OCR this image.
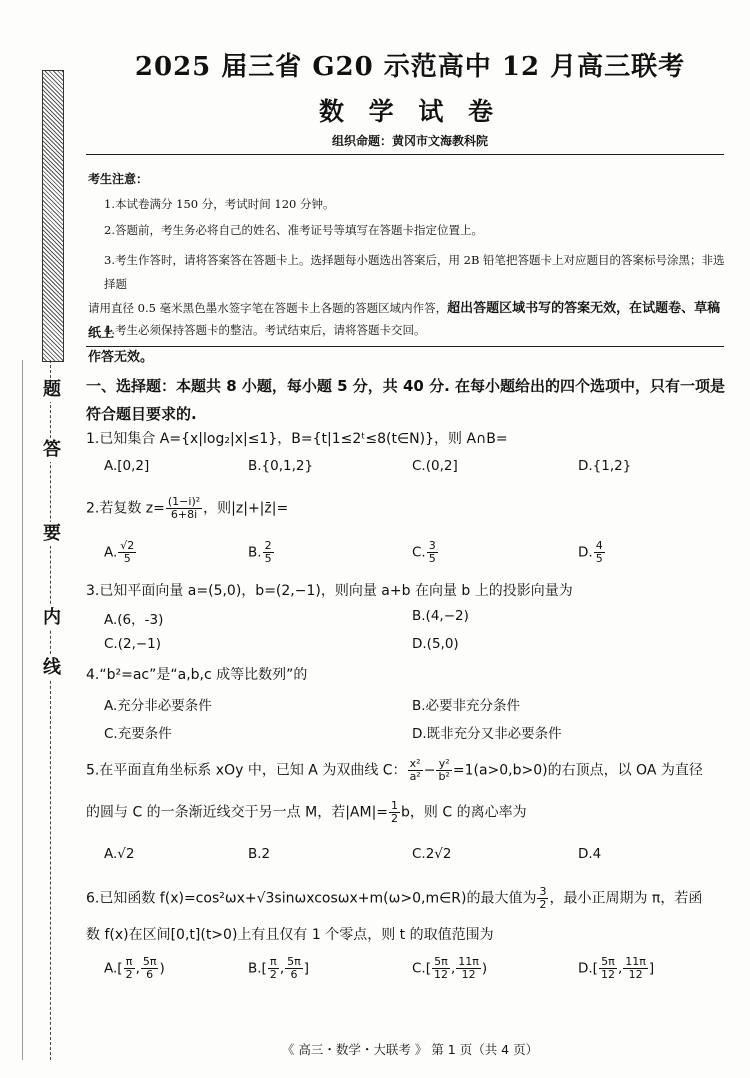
题
答
要
内
线
2025 届三省 G20 示范高中 12 月高三联考
数 学 试 卷
组织命题：黄冈市文海教科院
考生注意：
1.本试卷满分 150 分，考试时间 120 分钟。
2.答题前，考生务必将自己的姓名、准考证号等填写在答题卡指定位置上。
3.考生作答时，请将答案答在答题卡上。选择题每小题选出答案后，用 2B 铅笔把答题卡上对应题目的答案标号涂黑；非选择题
请用直径 0.5 毫米黑色墨水签字笔在答题卡上各题的答题区域内作答，超出答题区域书写的答案无效，在试题卷、草稿纸上
作答无效。
4.考生必须保持答题卡的整洁。考试结束后，请将答题卡交回。
一、选择题：本题共 8 小题，每小题 5 分，共 40 分. 在每小题给出的四个选项中，只有一项是符合题目要求的.
1.已知集合 A={x|log₂|x|≤1}，B={t|1≤2ᵗ≤8(t∈N)}，则 A∩B=
A.[0,2]	B.{0,1,2}	C.(0,2]	D.{1,2}
2.若复数 $z= \frac{\text{(1−i)²}}{6+8i}$ ，则|z|+|z̄|=
A. $\frac{√2}{5}$	B. $\frac{2}{5}$	C. $\frac{3}{5}$	D. $\frac{4}{5}$
3.已知平面向量 a=(5,0)，b=(2,−1)，则向量 a+b 在向量 b 上的投影向量为
A.(6，-3)	B.(4,−2)
C.(2,−1)	D.(5,0)
4.“b²=ac”是“a,b,c 成等比数列”的
A.充分非必要条件	B.必要非充分条件
C.充要条件	D.既非充分又非必要条件
5.在平面直角坐标系 xOy 中，已知 A 为双曲线 C： $\frac{\text{x²}}{\text{a²}} - \frac{\text{y²}}{\text{b²}} =1(a>0,b>0)$的右顶点，以 OA 为直径
的圆与 C 的一条渐近线交于另一点 M，若$|AM|= \frac{1}{2}$ b，则 C 的离心率为
A.√2	B.2	C.2√2	D.4
6.已知函数 f(x)=cos²ωx+√3sinωxcosωx+m(ω>0,m∈R)的最大值为 $\frac{3}{2}$ ，最小正周期为 π，若函
数 f(x)在区间[0,t](t>0)上有且仅有 1 个零点，则 t 的取值范围为
$A.[ \frac{\pi}{2}$ , $\frac{5\pi}{6}$ )	$B.[ \frac{\pi}{2}$ , $\frac{5\pi}{6}$ ]	$C.[ \frac{5\pi}{12}$ , $\frac{11\pi}{12}$ )	$D.[ \frac{5\pi}{12}$ , $\frac{11\pi}{12}$ ]
《 高三・数学・大联考 》 第 1 页（共 4 页）
